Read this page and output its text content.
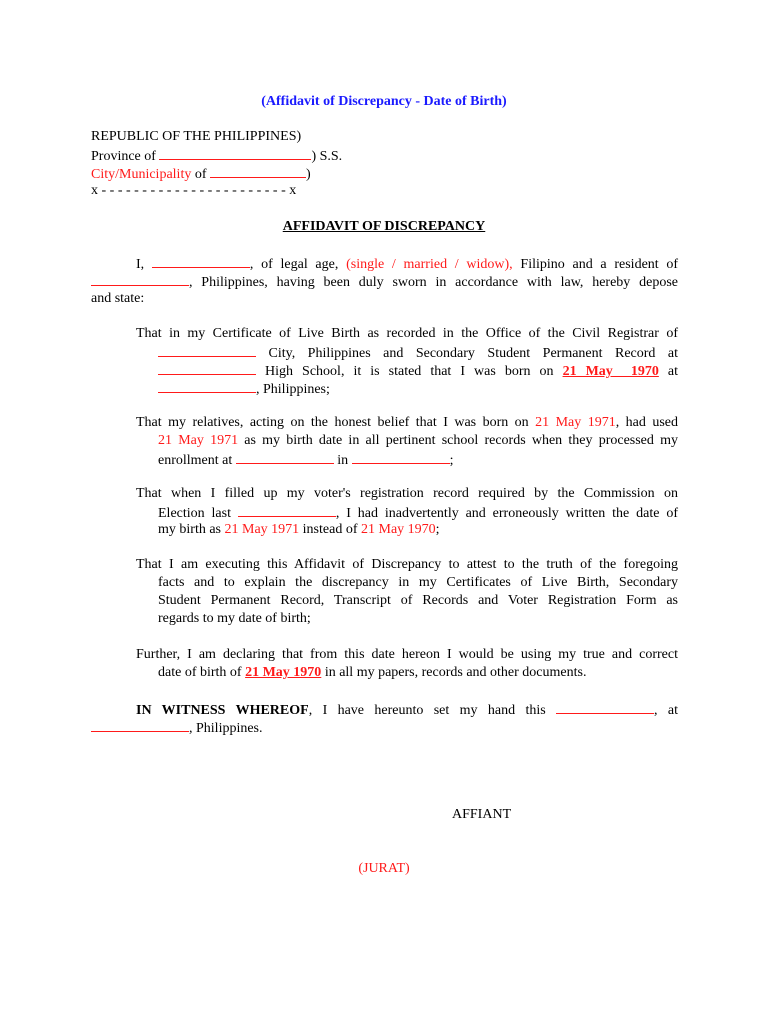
(Affidavit of Discrepancy - Date of Birth)
REPUBLIC OF THE PHILIPPINES)
Province of	) S.S.
City/Municipality of	)
x - - - - - - - - - - - - - - - - - - - - - - - x
AFFIDAVIT OF DISCREPANCY
I,	, of legal age, (single / married / widow), Filipino and a resident of
, Philippines, having been duly sworn in accordance with law, hereby depose
and state:
That in my Certificate of Live Birth as recorded in the Office of the Civil Registrar of
City, Philippines and Secondary Student Permanent Record at
High School, it is stated that I was born on 21 May  1970 at
, Philippines;
That my relatives, acting on the honest belief that I was born on 21 May 1971, had used
21 May 1971 as my birth date in all pertinent school records when they processed my
enrollment at	in	;
That when I filled up my voter's registration record required by the Commission on
Election last	, I had inadvertently and erroneously written the date of
my birth as 21 May 1971 instead of 21 May 1970;
That I am executing this Affidavit of Discrepancy to attest to the truth of the foregoing
facts and to explain the discrepancy in my Certificates of Live Birth, Secondary
Student Permanent Record, Transcript of Records and Voter Registration Form as
regards to my date of birth;
Further, I am declaring that from this date hereon I would be using my true and correct
date of birth of 21 May 1970 in all my papers, records and other documents.
IN WITNESS WHEREOF, I have hereunto set my hand this	, at
, Philippines.
AFFIANT
(JURAT)
